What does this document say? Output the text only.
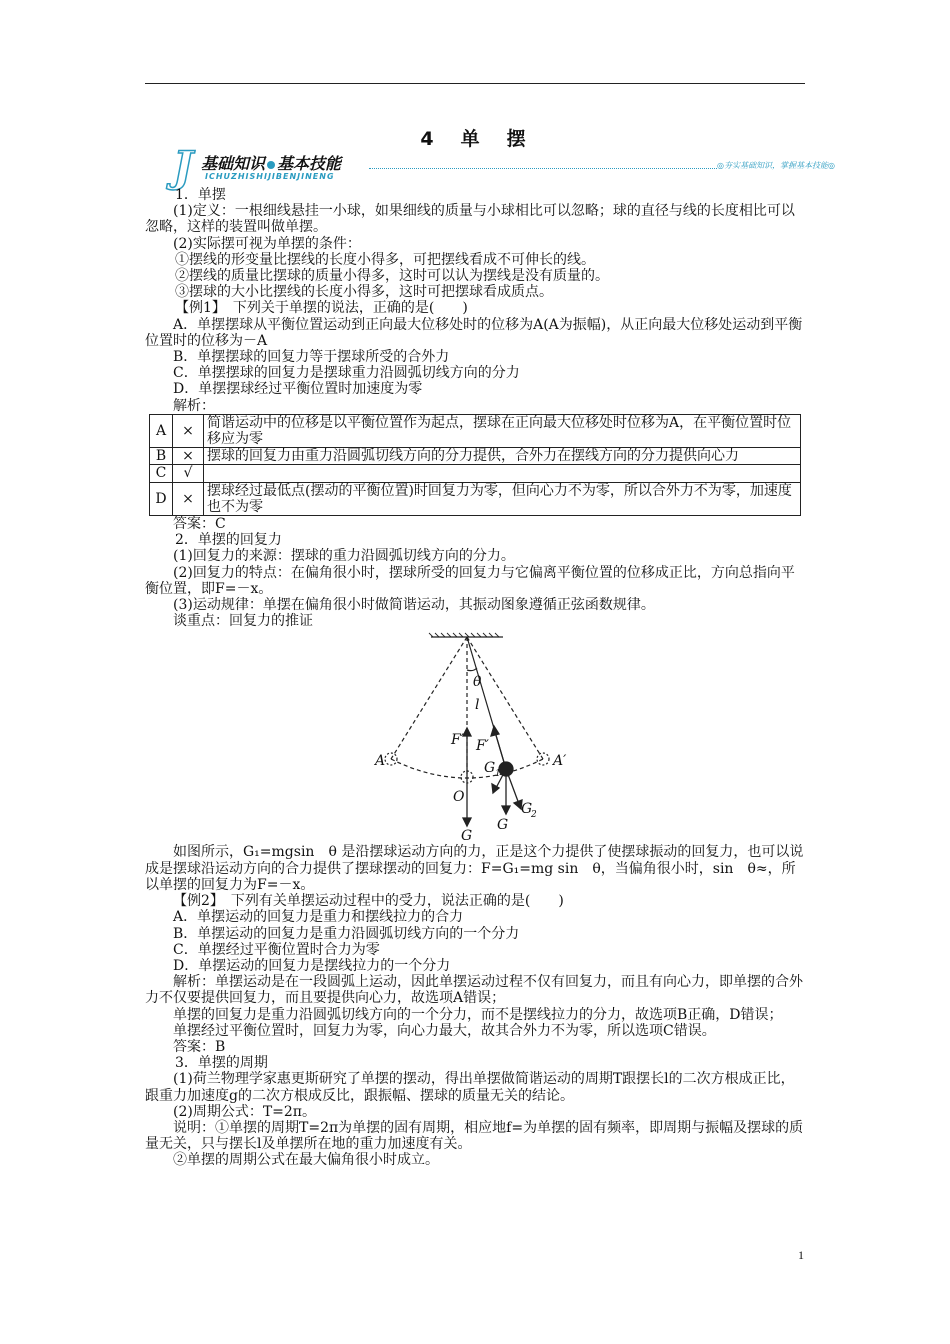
4　单　摆
J 基础知识 基本技能
ICHUZHISHIJIBENJINENG
◎夯实基础知识，掌握基本技能◎

1．单摆

(1)定义：一根细线悬挂一小球，如果细线的质量与小球相比可以忽略；球的直径与线的长度相比可以忽略，这样的装置叫做单摆。

(2)实际摆可视为单摆的条件：

①摆线的形变量比摆线的长度小得多，可把摆线看成不可伸长的线。

②摆线的质量比摆球的质量小得多，这时可以认为摆线是没有质量的。

③摆球的大小比摆线的长度小得多，这时可把摆球看成质点。

【例1】　下列关于单摆的说法，正确的是(　　)

A．单摆摆球从平衡位置运动到正向最大位移处时的位移为A(A为振幅)，从正向最大位移处运动到平衡位置时的位移为－A

B．单摆摆球的回复力等于摆球所受的合外力

C．单摆摆球的回复力是摆球重力沿圆弧切线方向的分力

D．单摆摆球经过平衡位置时加速度为零

解析：

A	×	简谐运动中的位移是以平衡位置作为起点，摆球在正向最大位移处时位移为A，在平衡位置时位移应为零
B	×	摆球的回复力由重力沿圆弧切线方向的分力提供，合外力在摆线方向的分力提供向心力
C	√	
D	×	摆球经过最低点(摆动的平衡位置)时回复力为零，但向心力不为零，所以合外力不为零，加速度也不为零

答案：C

2．单摆的回复力

(1)回复力的来源：摆球的重力沿圆弧切线方向的分力。

(2)回复力的特点：在偏角很小时，摆球所受的回复力与它偏离平衡位置的位移成正比，方向总指向平衡位置，即F=－x。

(3)运动规律：单摆在偏角很小时做简谐运动，其振动图象遵循正弦函数规律。

谈重点：回复力的推证

θ
l
F′ F′
A	A′
G 1
O
G
G
G
2

如图所示，G₁=mgsin　θ 是沿摆球运动方向的力，正是这个力提供了使摆球振动的回复力，也可以说成是摆球沿运动方向的合力提供了摆球摆动的回复力：F=G₁=mg sin　θ，当偏角很小时，sin　θ≈，所以单摆的回复力为F=－x。

【例2】　下列有关单摆运动过程中的受力，说法正确的是(　　)

A．单摆运动的回复力是重力和摆线拉力的合力

B．单摆运动的回复力是重力沿圆弧切线方向的一个分力

C．单摆经过平衡位置时合力为零

D．单摆运动的回复力是摆线拉力的一个分力

解析：单摆运动是在一段圆弧上运动，因此单摆运动过程不仅有回复力，而且有向心力，即单摆的合外力不仅要提供回复力，而且要提供向心力，故选项A错误；

单摆的回复力是重力沿圆弧切线方向的一个分力，而不是摆线拉力的分力，故选项B正确，D错误；

单摆经过平衡位置时，回复力为零，向心力最大，故其合外力不为零，所以选项C错误。

答案：B

3．单摆的周期

(1)荷兰物理学家惠更斯研究了单摆的摆动，得出单摆做简谐运动的周期T跟摆长l的二次方根成正比，跟重力加速度g的二次方根成反比，跟振幅、摆球的质量无关的结论。

(2)周期公式：T=2π。

说明：①单摆的周期T=2π为单摆的固有周期，相应地f=为单摆的固有频率，即周期与振幅及摆球的质量无关，只与摆长l及单摆所在地的重力加速度有关。

②单摆的周期公式在最大偏角很小时成立。

1
